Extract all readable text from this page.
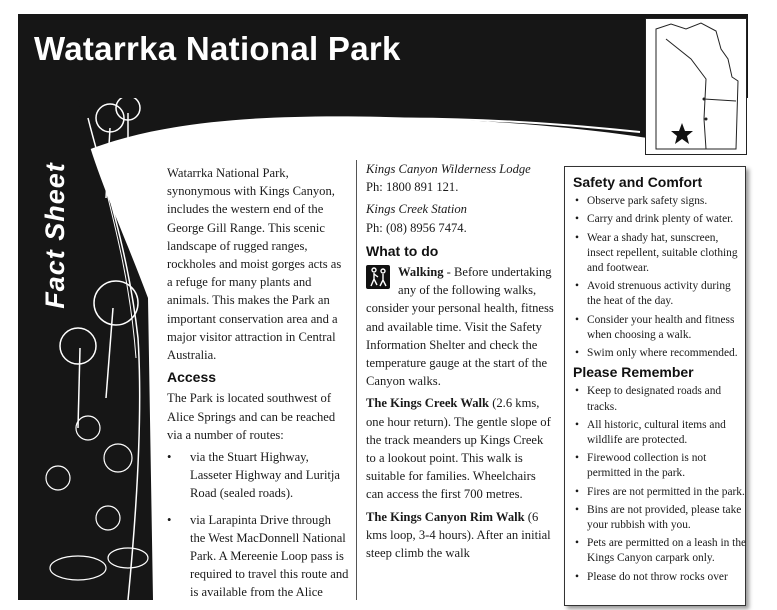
Watarrka National Park
Fact Sheet	Watarrka National Park, synonymous with Kings Canyon, includes the western end of the George Gill Range. This scenic landscape of rugged ranges, rockholes and moist gorges acts as a refuge for many plants and animals. This makes the Park an important conservation area and a major visitor attraction in Central Australia.

Access

The Park is located southwest of Alice Springs and can be reached via a number of routes:

• via the Stuart Highway, Lasseter Highway and Luritja Road (sealed roads).
• via Larapinta Drive through the West MacDonnell National Park. A Mereenie Loop pass is required to travel this route and is available from the Alice
Kings Canyon Wilderness Lodge
Ph: 1800 891 121.
Kings Creek Station
Ph: (08) 8956 7474.
What to do

Walking - Before undertaking any of the following walks, consider your personal health, fitness and available time. Visit the Safety Information Shelter and check the temperature gauge at the start of the Canyon walks.

The Kings Creek Walk (2.6 kms, one hour return). The gentle slope of the track meanders up Kings Creek to a lookout point. This walk is suitable for families. Wheelchairs can access the first 700 metres.

The Kings Canyon Rim Walk (6 kms loop, 3-4 hours). After an initial steep climb the walk

Safety and Comfort
• Observe park safety signs.
• Carry and drink plenty of water.
• Wear a shady hat, sunscreen, insect repellent, suitable clothing and footwear.
• Avoid strenuous activity during the heat of the day.
• Consider your health and fitness when choosing a walk.
• Swim only where recommended.
Please Remember
• Keep to designated roads and tracks.
• All historic, cultural items and wildlife are protected.
• Firewood collection is not permitted in the park.
• Fires are not permitted in the park.
• Bins are not provided, please take your rubbish with you.
• Pets are permitted on a leash in the Kings Canyon carpark only.
• Please do not throw rocks over
